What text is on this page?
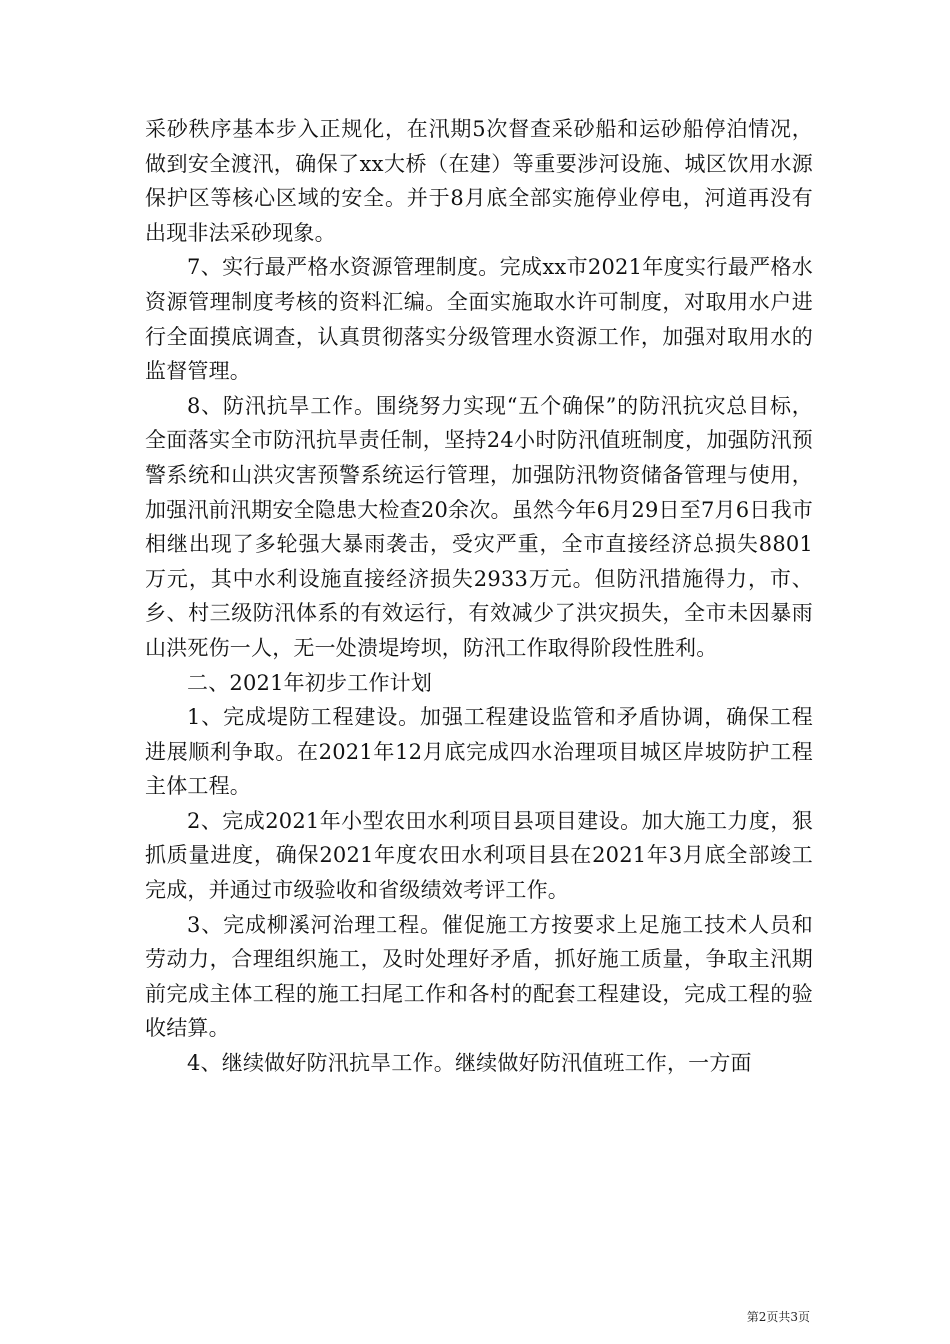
采砂秩序基本步入正规化，在汛期5次督查采砂船和运砂船停泊情况，做到安全渡汛，确保了xx大桥（在建）等重要涉河设施、城区饮用水源保护区等核心区域的安全。并于8月底全部实施停业停电，河道再没有出现非法采砂现象。

7、实行最严格水资源管理制度。完成xx市2021年度实行最严格水资源管理制度考核的资料汇编。全面实施取水许可制度，对取用水户进行全面摸底调查，认真贯彻落实分级管理水资源工作，加强对取用水的监督管理。

8、防汛抗旱工作。围绕努力实现“五个确保”的防汛抗灾总目标，全面落实全市防汛抗旱责任制，坚持24小时防汛值班制度，加强防汛预警系统和山洪灾害预警系统运行管理，加强防汛物资储备管理与使用，加强汛前汛期安全隐患大检查20余次。虽然今年6月29日至7月6日我市相继出现了多轮强大暴雨袭击，受灾严重，全市直接经济总损失8801万元，其中水利设施直接经济损失2933万元。但防汛措施得力，市、乡、村三级防汛体系的有效运行，有效减少了洪灾损失，全市未因暴雨山洪死伤一人，无一处溃堤垮坝，防汛工作取得阶段性胜利。

二、2021年初步工作计划

1、完成堤防工程建设。加强工程建设监管和矛盾协调，确保工程进展顺利争取。在2021年12月底完成四水治理项目城区岸坡防护工程主体工程。

2、完成2021年小型农田水利项目县项目建设。加大施工力度，狠抓质量进度，确保2021年度农田水利项目县在2021年3月底全部竣工完成，并通过市级验收和省级绩效考评工作。

3、完成柳溪河治理工程。催促施工方按要求上足施工技术人员和劳动力，合理组织施工，及时处理好矛盾，抓好施工质量，争取主汛期前完成主体工程的施工扫尾工作和各村的配套工程建设，完成工程的验收结算。

4、继续做好防汛抗旱工作。继续做好防汛值班工作，一方面

第2页共3页
